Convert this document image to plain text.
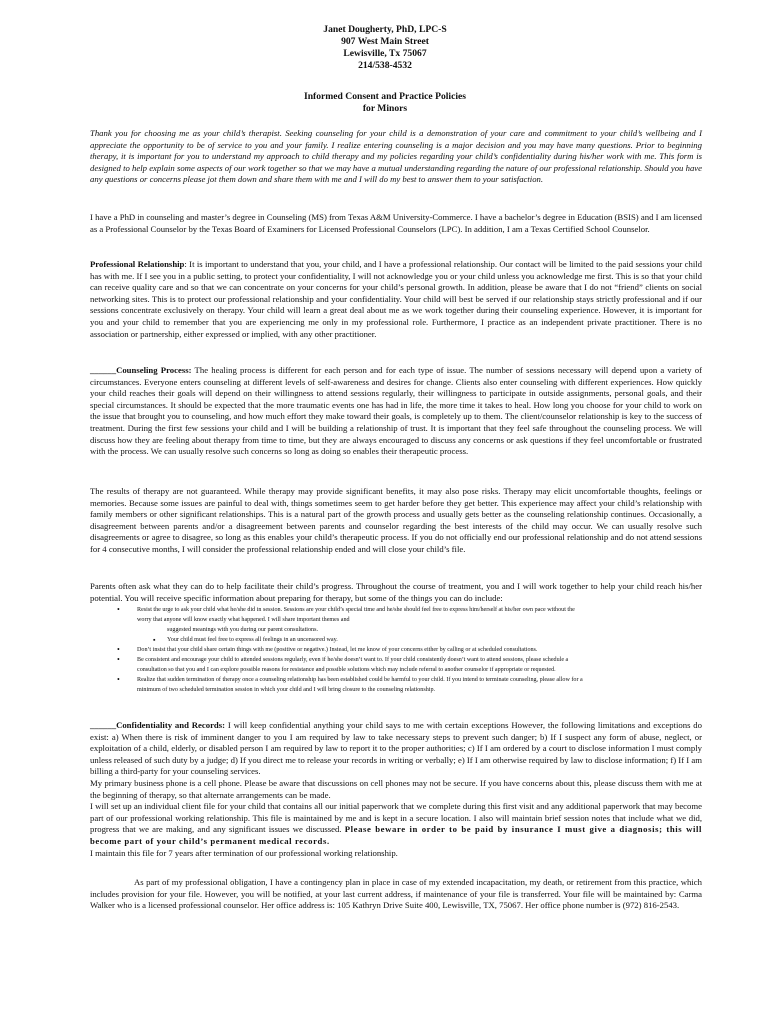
Janet Dougherty, PhD, LPC-S
907 West Main Street
Lewisville, Tx 75067
214/538-4532
Informed Consent and Practice Policies
for Minors

Thank you for choosing me as your child’s therapist. Seeking counseling for your child is a demonstration of your care and commitment to your child’s wellbeing and I appreciate the opportunity to be of service to you and your family. I realize entering counseling is a major decision and you may have many questions. Prior to beginning therapy, it is important for you to understand my approach to child therapy and my policies regarding your child’s confidentiality during his/her work with me. This form is designed to help explain some aspects of our work together so that we may have a mutual understanding regarding the nature of our professional relationship. Should you have any questions or concerns please jot them down and share them with me and I will do my best to answer them to your satisfaction.

I have a PhD in counseling and master’s degree in Counseling (MS) from Texas A&M University-Commerce. I have a bachelor’s degree in Education (BSIS) and I am licensed as a Professional Counselor by the Texas Board of Examiners for Licensed Professional Counselors (LPC). In addition, I am a Texas Certified School Counselor.

Professional Relationship: It is important to understand that you, your child, and I have a professional relationship. Our contact will be limited to the paid sessions your child has with me. If I see you in a public setting, to protect your confidentiality, I will not acknowledge you or your child unless you acknowledge me first. This is so that your child can receive quality care and so that we can concentrate on your concerns for your child’s personal growth. In addition, please be aware that I do not “friend” clients on social networking sites. This is to protect our professional relationship and your confidentiality. Your child will best be served if our relationship stays strictly professional and if our sessions concentrate exclusively on therapy. Your child will learn a great deal about me as we work together during their counseling experience. However, it is important for you and your child to remember that you are experiencing me only in my professional role. Furthermore, I practice as an independent private practitioner. There is no association or partnership, either expressed or implied, with any other practitioner.

______Counseling Process: The healing process is different for each person and for each type of issue. The number of sessions necessary will depend upon a variety of circumstances. Everyone enters counseling at different levels of self-awareness and desires for change. Clients also enter counseling with different experiences. How quickly your child reaches their goals will depend on their willingness to attend sessions regularly, their willingness to participate in outside assignments, personal goals, and their special circumstances. It should be expected that the more traumatic events one has had in life, the more time it takes to heal. How long you choose for your child to work on the issue that brought you to counseling, and how much effort they make toward their goals, is completely up to them. The client/counselor relationship is key to the success of treatment. During the first few sessions your child and I will be building a relationship of trust. It is important that they feel safe throughout the counseling process. We will discuss how they are feeling about therapy from time to time, but they are always encouraged to discuss any concerns or ask questions if they feel uncomfortable or frustrated with the process. We can usually resolve such concerns so long as doing so enables their therapeutic process.

The results of therapy are not guaranteed. While therapy may provide significant benefits, it may also pose risks. Therapy may elicit uncomfortable thoughts, feelings or memories. Because some issues are painful to deal with, things sometimes seem to get harder before they get better. This experience may affect your child’s relationship with family members or other significant relationships. This is a natural part of the growth process and usually gets better as the counseling relationship continues. Occasionally, a disagreement between parents and/or a disagreement between parents and counselor regarding the best interests of the child may occur. We can usually resolve such disagreements or agree to disagree, so long as this enables your child’s therapeutic process. If you do not officially end our professional relationship and do not attend sessions for 4 consecutive months, I will consider the professional relationship ended and will close your child’s file.

Parents often ask what they can do to help facilitate their child’s progress. Throughout the course of treatment, you and I will work together to help your child reach his/her potential. You will receive specific information about preparing for therapy, but some of the things you can do include:

•	Resist the urge to ask your child what he/she did in session. Sessions are your child’s special time and he/she should feel free to express him/herself at his/her own pace without the
worry that anyone will know exactly what happened. I will share important themes and
suggested meanings with you during our parent consultations.
▪ Your child must feel free to express all feelings in an uncensored way.
•	Don’t insist that your child share certain things with me (positive or negative.) Instead, let me know of your concerns either by calling or at scheduled consultations.
•	Be consistent and encourage your child to attended sessions regularly, even if he/she doesn’t want to. If your child consistently doesn’t want to attend sessions, please schedule a
consultation so that you and I can explore possible reasons for resistance and possible solutions which may include referral to another counselor if appropriate or requested.
•	Realize that sudden termination of therapy once a counseling relationship has been established could be harmful to your child. If you intend to terminate counseling, please allow for a
minimum of two scheduled termination session in which your child and I will bring closure to the counseling relationship.

______Confidentiality and Records: I will keep confidential anything your child says to me with certain exceptions However, the following limitations and exceptions do exist: a) When there is risk of imminent danger to you I am required by law to take necessary steps to prevent such danger; b) If I suspect any form of abuse, neglect, or exploitation of a child, elderly, or disabled person I am required by law to report it to the proper authorities; c) If I am ordered by a court to disclose information I must comply unless released of such duty by a judge; d) If you direct me to release your records in writing or verbally; e) If I am otherwise required by law to disclose information; f) If I am billing a third-party for your counseling services.
My primary business phone is a cell phone. Please be aware that discussions on cell phones may not be secure. If you have concerns about this, please discuss them with me at the beginning of therapy, so that alternate arrangements can be made.
I will set up an individual client file for your child that contains all our initial paperwork that we complete during this first visit and any additional paperwork that may become part of our professional working relationship. This file is maintained by me and is kept in a secure location. I also will maintain brief session notes that include what we did, progress that we are making, and any significant issues we discussed. Please beware in order to be paid by insurance I must give a diagnosis; this will become part of your child’s permanent medical records.
I maintain this file for 7 years after termination of our professional working relationship.

As part of my professional obligation, I have a contingency plan in place in case of my extended incapacitation, my death, or retirement from this practice, which includes provision for your file. However, you will be notified, at your last current address, if maintenance of your file is transferred. Your file will be maintained by: Carma Walker who is a licensed professional counselor. Her office address is: 105 Kathryn Drive Suite 400, Lewisville, TX, 75067. Her office phone number is (972) 816-2543.
